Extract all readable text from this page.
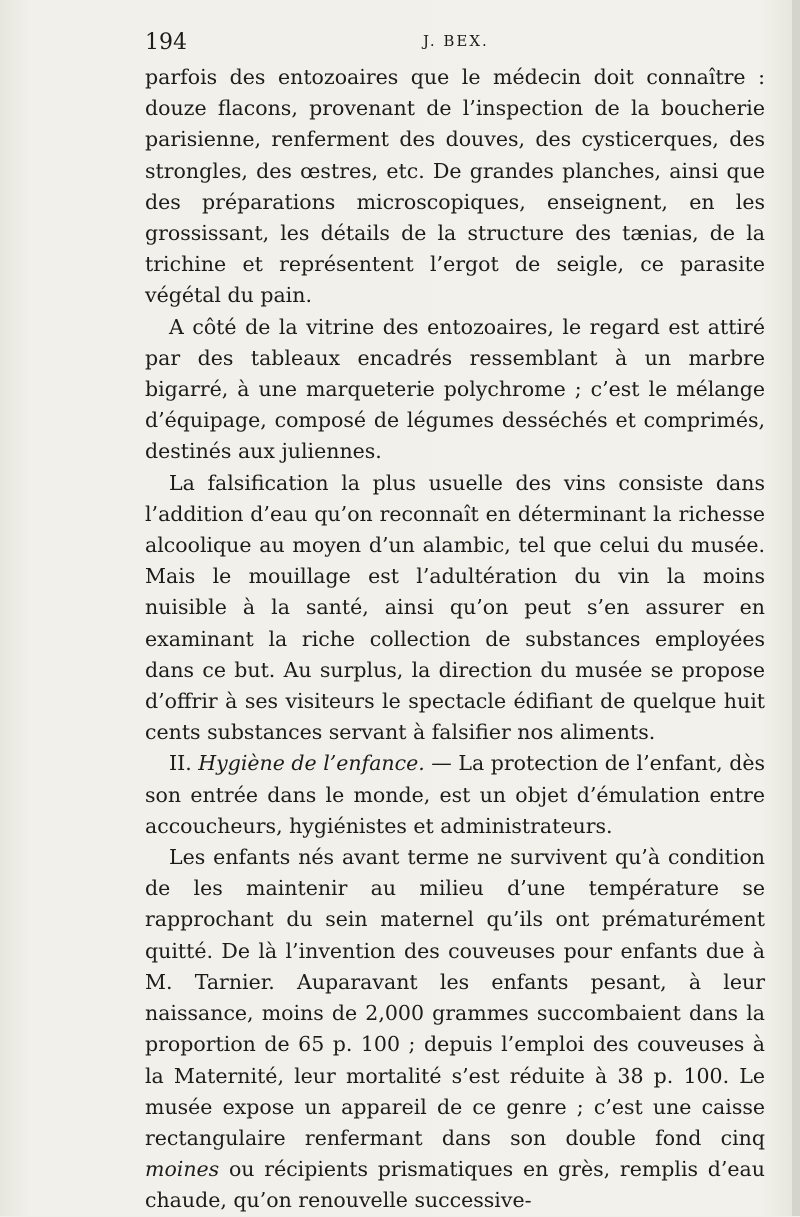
194	J. BEX.

parfois des entozoaires que le médecin doit connaître : douze flacons, provenant de l’inspection de la boucherie parisienne, renferment des douves, des cysticerques, des strongles, des œstres, etc. De grandes planches, ainsi que des préparations microscopiques, enseignent, en les grossissant, les détails de la structure des tænias, de la trichine et représentent l’ergot de seigle, ce parasite végétal du pain.

A côté de la vitrine des entozoaires, le regard est attiré par des tableaux encadrés ressemblant à un marbre bigarré, à une marqueterie polychrome ; c’est le mélange d’équipage, composé de légumes desséchés et comprimés, destinés aux juliennes.

La falsification la plus usuelle des vins consiste dans l’addition d’eau qu’on reconnaît en déterminant la richesse alcoolique au moyen d’un alambic, tel que celui du musée. Mais le mouillage est l’adultération du vin la moins nuisible à la santé, ainsi qu’on peut s’en assurer en examinant la riche collection de substances employées dans ce but. Au surplus, la direction du musée se propose d’offrir à ses visiteurs le spectacle édifiant de quelque huit cents substances servant à falsifier nos aliments.

II. Hygiène de l’enfance. — La protection de l’enfant, dès son entrée dans le monde, est un objet d’émulation entre accoucheurs, hygiénistes et administrateurs.

Les enfants nés avant terme ne survivent qu’à condition de les maintenir au milieu d’une température se rapprochant du sein maternel qu’ils ont prématurément quitté. De là l’invention des couveuses pour enfants due à M. Tarnier. Auparavant les enfants pesant, à leur naissance, moins de 2,000 grammes succombaient dans la proportion de 65 p. 100 ; depuis l’emploi des couveuses à la Maternité, leur mortalité s’est réduite à 38 p. 100. Le musée expose un appareil de ce genre ; c’est une caisse rectangulaire renfermant dans son double fond cinq moines ou récipients prismatiques en grès, remplis d’eau chaude, qu’on renouvelle successive-
